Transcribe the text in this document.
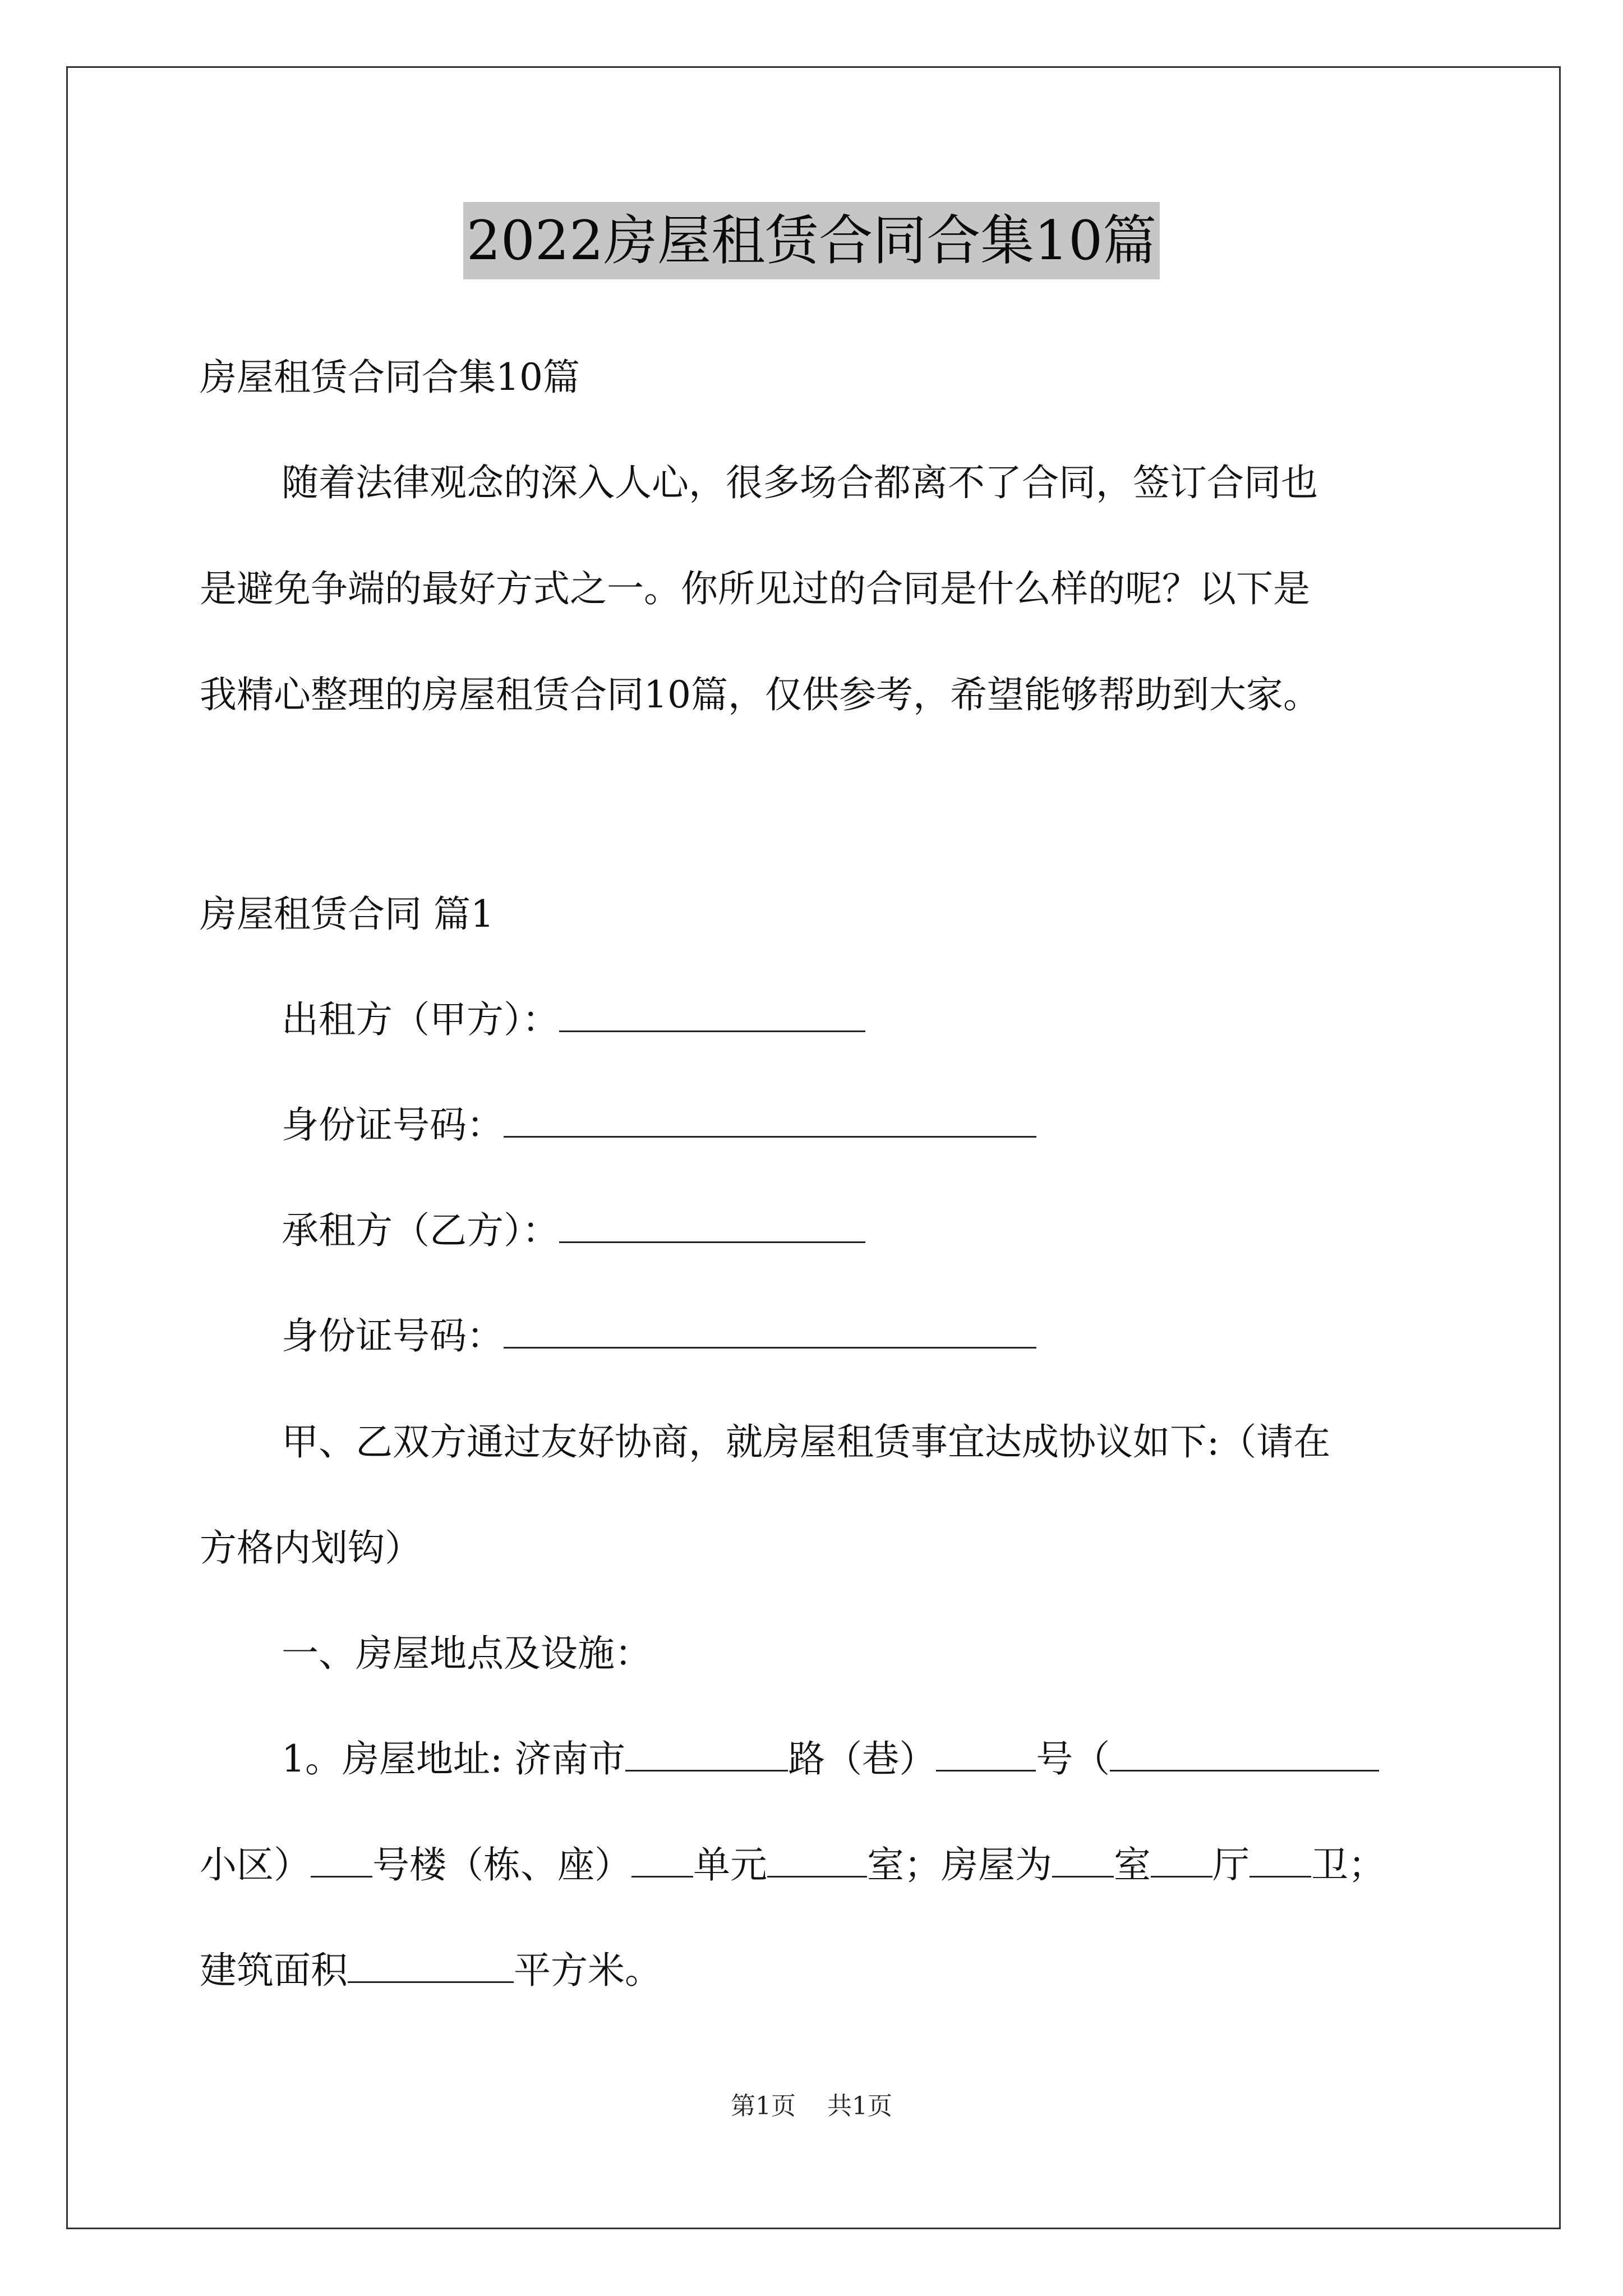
2022房屋租赁合同合集10篇
房屋租赁合同合集10篇
随着法律观念的深入人心，很多场合都离不了合同，签订合同也
是避免争端的最好方式之一。你所见过的合同是什么样的呢？以下是
我精心整理的房屋租赁合同10篇，仅供参考，希望能够帮助到大家。
房屋租赁合同 篇1
出租方（甲方）：
身份证号码：
承租方（乙方）：
身份证号码：
甲、乙双方通过友好协商，就房屋租赁事宜达成协议如下:（请在
方格内划钩）
一、房屋地点及设施：
1。房屋地址: 济南市	路（巷）	号（
小区） 号楼（栋、座） 单元	室；房屋为 室 厅 卫；
建筑面积	平方米。
第1页 共1页
